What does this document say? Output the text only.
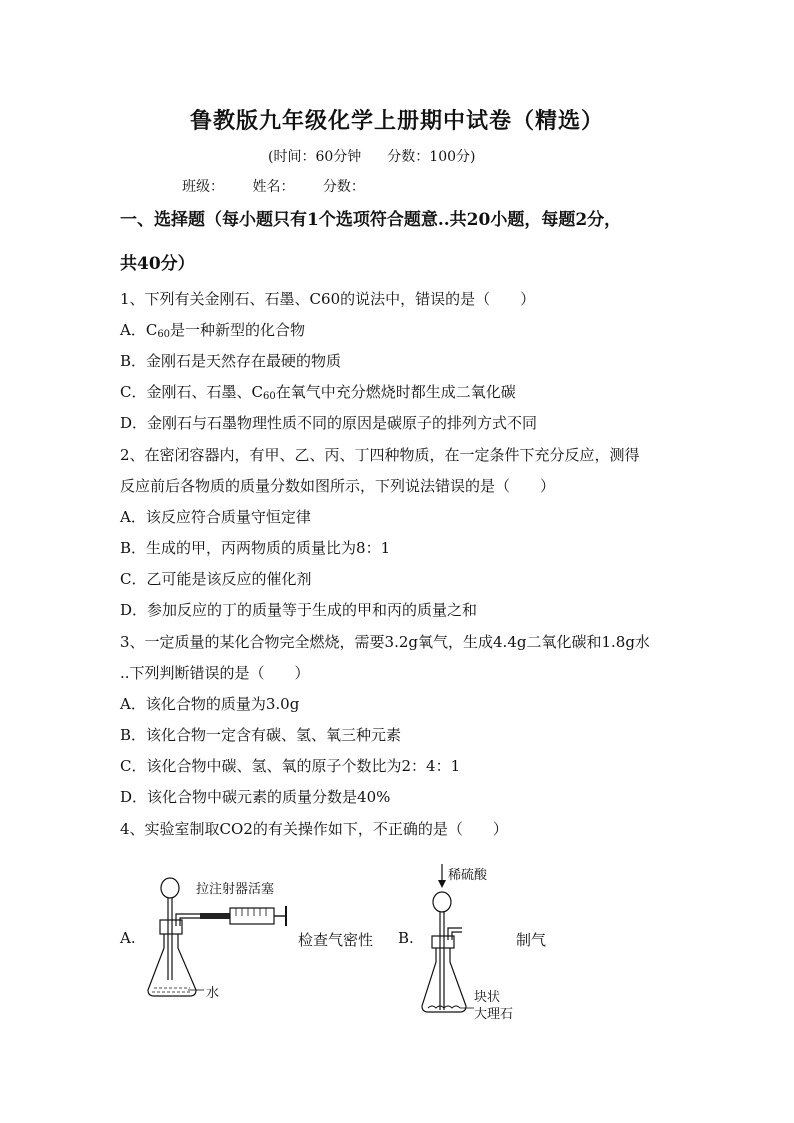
鲁教版九年级化学上册期中试卷（精选）
(时间：60分钟 分数：100分)
班级： 姓名： 分数：
一、选择题（每小题只有1个选项符合题意..共20小题，每题2分，
共40分）
1、下列有关金刚石、石墨、C60的说法中，错误的是（　　）
A．$C_{60}$是一种新型的化合物
B．金刚石是天然存在最硬的物质
C．金刚石、石墨、$C_{60}$在氧气中充分燃烧时都生成二氧化碳
D．金刚石与石墨物理性质不同的原因是碳原子的排列方式不同
2、在密闭容器内，有甲、乙、丙、丁四种物质，在一定条件下充分反应，测得
反应前后各物质的质量分数如图所示，下列说法错误的是（　　）
A．该反应符合质量守恒定律
B．生成的甲，丙两物质的质量比为8：1
C．乙可能是该反应的催化剂
D．参加反应的丁的质量等于生成的甲和丙的质量之和
3、一定质量的某化合物完全燃烧，需要3.2g氧气，生成4.4g二氧化碳和1.8g水
..下列判断错误的是（　　）
A．该化合物的质量为3.0g
B．该化合物一定含有碳、氢、氧三种元素
C．该化合物中碳、氢、氧的原子个数比为2：4：1
D．该化合物中碳元素的质量分数是40%
4、实验室制取CO2的有关操作如下，不正确的是（　　）
A.
拉注射器活塞
水
检查气密性 B.
稀硫酸
块状
大理石
制气
